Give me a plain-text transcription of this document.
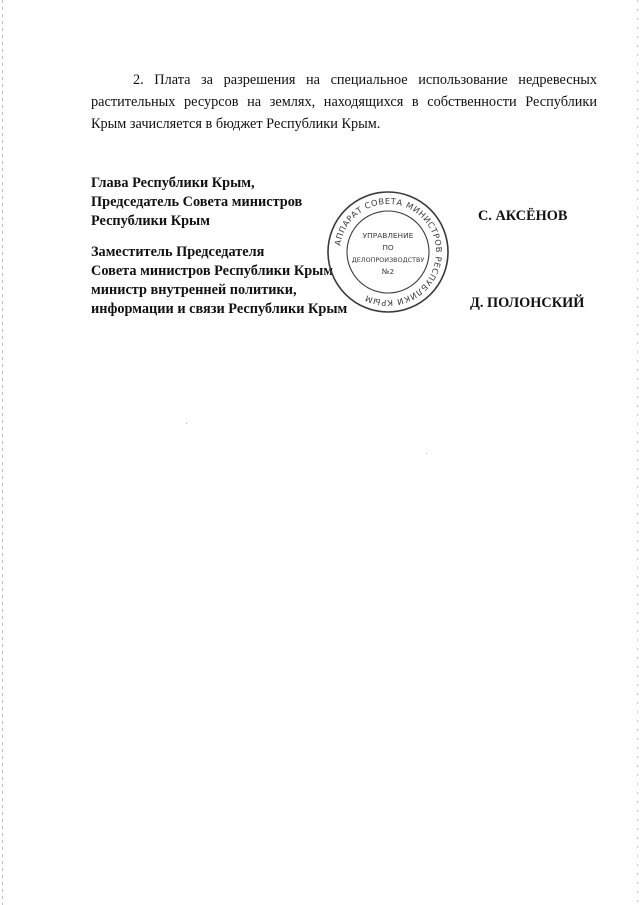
2. Плата за разрешения на специальное использование недревесных
растительных ресурсов на землях, находящихся в собственности Республики
Крым зачисляется в бюджет Республики Крым.
Глава Республики Крым,
Председатель Совета министров
Республики Крым	С. АКСЁНОВ
Заместитель Председателя
Совета министров Республики Крым
министр внутренней политики,
информации и связи Республики Крым	Д. ПОЛОНСКИЙ
АППАРАТ СОВЕТА МИНИСТРОВ РЕСПУБЛИКИ КРЫМ
УПРАВЛЕНИЕ
ПО
ДЕЛОПРОИЗВОДСТВУ
№2
